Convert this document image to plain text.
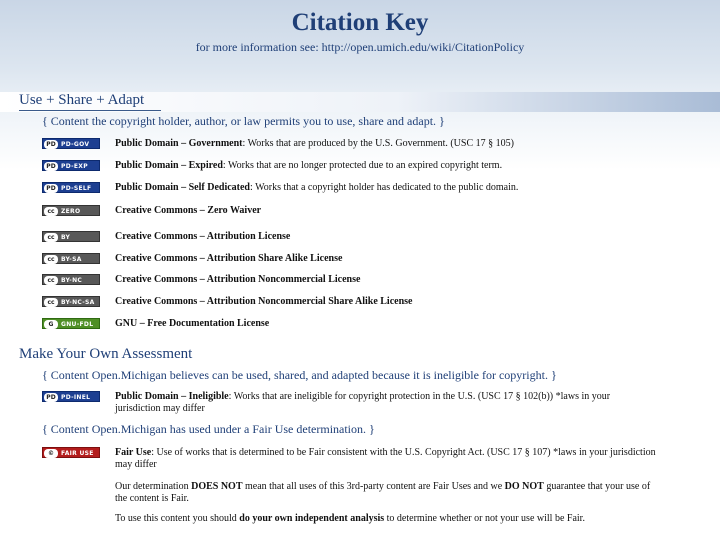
Citation Key
for more information see: http://open.umich.edu/wiki/CitationPolicy
Use + Share + Adapt
{ Content the copyright holder, author, or law permits you to use, share and adapt. }
PD PD-GOV	Public Domain – Government: Works that are produced by the U.S. Government. (USC 17 § 105)
PD PD-EXP	Public Domain – Expired: Works that are no longer protected due to an expired copyright term.
PD PD-SELF Public Domain – Self Dedicated: Works that a copyright holder has dedicated to the public domain.
cc	ZERO	Creative Commons – Zero Waiver
cc	BY	Creative Commons – Attribution License
cc	BY-SA	Creative Commons – Attribution Share Alike License
cc	BY-NC	Creative Commons – Attribution Noncommercial License
cc	BY-NC-SA Creative Commons – Attribution Noncommercial Share Alike License
G	GNU-FDL GNU – Free Documentation License
Make Your Own Assessment
{ Content Open.Michigan believes can be used, shared, and adapted because it is ineligible for copyright. }
PD PD-INEL Public Domain – Ineligible: Works that are ineligible for copyright protection in the U.S. (USC 17 § 102(b)) *laws in your
jurisdiction may differ
{ Content Open.Michigan has used under a Fair Use determination. }
©	FAIR USE Fair Use: Use of works that is determined to be Fair consistent with the U.S. Copyright Act. (USC 17 § 107) *laws in your jurisdiction
may differ
Our determination DOES NOT mean that all uses of this 3rd-party content are Fair Uses and we DO NOT guarantee that your use of
the content is Fair.
To use this content you should do your own independent analysis to determine whether or not your use will be Fair.
